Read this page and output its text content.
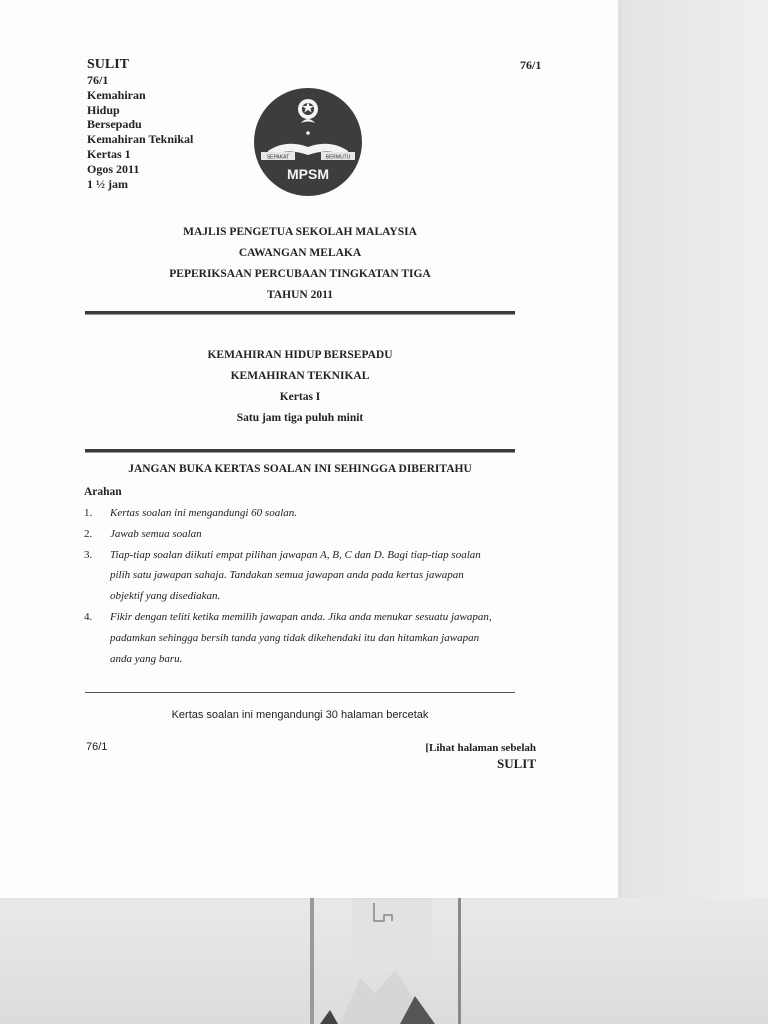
SULIT
76/1
Kemahiran
Hidup
Bersepadu
Kemahiran Teknikal
Kertas 1
Ogos 2011
1 ½ jam
76/1
SEPAKAT	BERMUTU
MPSM
MAJLIS PENGETUA SEKOLAH MALAYSIA
CAWANGAN MELAKA
PEPERIKSAAN PERCUBAAN TINGKATAN TIGA
TAHUN 2011
KEMAHIRAN HIDUP BERSEPADU
KEMAHIRAN TEKNIKAL
Kertas I
Satu jam tiga puluh minit
JANGAN BUKA KERTAS SOALAN INI SEHINGGA DIBERITAHU
Arahan
1.	Kertas soalan ini mengandungi 60 soalan.
2.	Jawab semua soalan
3.	Tiap-tiap soalan diikuti empat pilihan jawapan A, B, C dan D. Bagi tiap-tiap soalan
pilih satu jawapan sahaja. Tandakan semua jawapan anda pada kertas jawapan
objektif yang disediakan.
4.	Fikir dengan teliti ketika memilih jawapan anda. Jika anda menukar sesuatu jawapan,
padamkan sehingga bersih tanda yang tidak dikehendaki itu dan hitamkan jawapan
anda yang baru.
Kertas soalan ini mengandungi 30 halaman bercetak
76/1	[Lihat halaman sebelah
SULIT
